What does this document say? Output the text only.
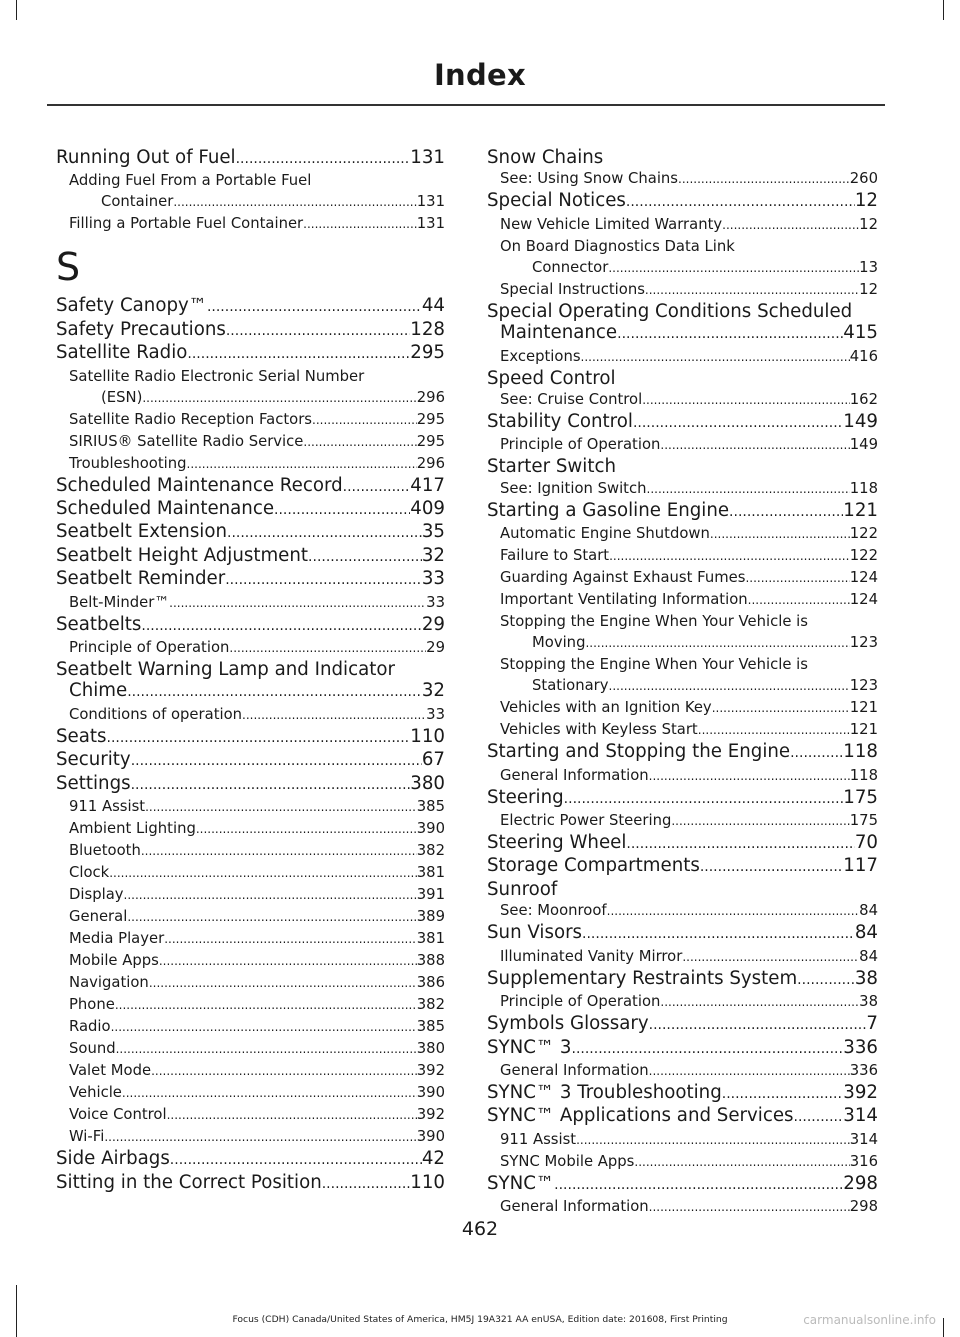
Index
Running Out of Fuel .....	131
Adding Fuel From a Portable Fuel
Container .....	131
Filling a Portable Fuel Container .....	131
S
Safety Canopy™ .....	44
Safety Precautions .....	128
Satellite Radio .....	295
Satellite Radio Electronic Serial Number
(ESN) .....	296
Satellite Radio Reception Factors .....	295
SIRIUS® Satellite Radio Service .....	295
Troubleshooting .....	296
Scheduled Maintenance Record .....	417
Scheduled Maintenance .....	409
Seatbelt Extension .....	35
Seatbelt Height Adjustment .....	32
Seatbelt Reminder .....	33
Belt-Minder™ .....	33
Seatbelts .....	29
Principle of Operation .....	29
Seatbelt Warning Lamp and Indicator
Chime .....	32
Conditions of operation .....	33
Seats .....	110
Security .....	67
Settings .....	380
911 Assist .....	385
Ambient Lighting .....	390
Bluetooth .....	382
Clock .....	381
Display .....	391
General .....	389
Media Player .....	381
Mobile Apps .....	388
Navigation .....	386
Phone .....	382
Radio .....	385
Sound .....	380
Valet Mode .....	392
Vehicle .....	390
Voice Control .....	392
Wi-Fi .....	390
Side Airbags .....	42
Sitting in the Correct Position .....	110
Snow Chains
See: Using Snow Chains .....	260
Special Notices .....	12
New Vehicle Limited Warranty .....	12
On Board Diagnostics Data Link
Connector .....	13
Special Instructions .....	12
Special Operating Conditions Scheduled
Maintenance .....	415
Exceptions .....	416
Speed Control
See: Cruise Control .....	162
Stability Control .....	149
Principle of Operation .....	149
Starter Switch
See: Ignition Switch .....	118
Starting a Gasoline Engine .....	121
Automatic Engine Shutdown .....	122
Failure to Start .....	122
Guarding Against Exhaust Fumes .....	124
Important Ventilating Information .....	124
Stopping the Engine When Your Vehicle is
Moving .....	123
Stopping the Engine When Your Vehicle is
Stationary .....	123
Vehicles with an Ignition Key .....	121
Vehicles with Keyless Start .....	121
Starting and Stopping the Engine .....	118
General Information .....	118
Steering .....	175
Electric Power Steering .....	175
Steering Wheel .....	70
Storage Compartments .....	117
Sunroof
See: Moonroof .....	84
Sun Visors .....	84
Illuminated Vanity Mirror .....	84
Supplementary Restraints System .....	38
Principle of Operation .....	38
Symbols Glossary .....	7
SYNC™ 3 .....	336
General Information .....	336
SYNC™ 3 Troubleshooting .....	392
SYNC™ Applications and Services .....	314
911 Assist .....	314
SYNC Mobile Apps .....	316
SYNC™ .....	298
General Information .....	298
462
Focus (CDH) Canada/United States of America, HM5J 19A321 AA enUSA, Edition date: 201608, First Printing	carmanualsonline.info
